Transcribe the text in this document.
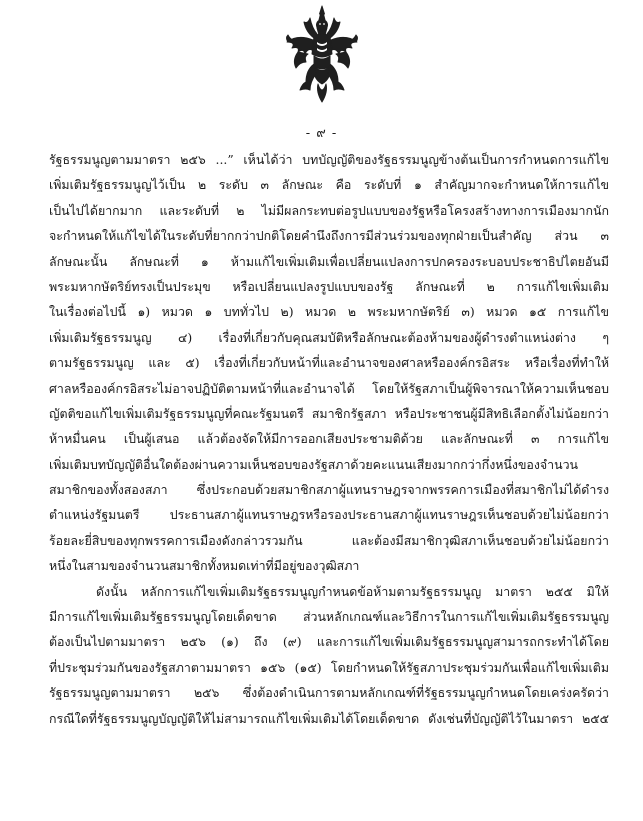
- ๙ -
รัฐธรรมนูญตามมาตรา ๒๕๖ ...” เห็นได้ว่า บทบัญญัติของรัฐธรรมนูญข้างต้นเป็นการกำหนดการแก้ไข
เพิ่มเติมรัฐธรรมนูญไว้เป็น ๒ ระดับ ๓ ลักษณะ คือ ระดับที่ ๑ สำคัญมากจะกำหนดให้การแก้ไข
เป็นไปได้ยากมาก และระดับที่ ๒ ไม่มีผลกระทบต่อรูปแบบของรัฐหรือโครงสร้างทางการเมืองมากนัก
จะกำหนดให้แก้ไขได้ในระดับที่ยากกว่าปกติโดยคำนึงถึงการมีส่วนร่วมของทุกฝ่ายเป็นสำคัญ ส่วน ๓
ลักษณะนั้น ลักษณะที่ ๑ ห้ามแก้ไขเพิ่มเติมเพื่อเปลี่ยนแปลงการปกครองระบอบประชาธิปไตยอันมี
พระมหากษัตริย์ทรงเป็นประมุข หรือเปลี่ยนแปลงรูปแบบของรัฐ ลักษณะที่ ๒ การแก้ไขเพิ่มเติม
ในเรื่องต่อไปนี้ ๑) หมวด ๑ บททั่วไป ๒) หมวด ๒ พระมหากษัตริย์ ๓) หมวด ๑๕ การแก้ไข
เพิ่มเติมรัฐธรรมนูญ ๔) เรื่องที่เกี่ยวกับคุณสมบัติหรือลักษณะต้องห้ามของผู้ดำรงตำแหน่งต่าง ๆ
ตามรัฐธรรมนูญ และ ๕) เรื่องที่เกี่ยวกับหน้าที่และอำนาจของศาลหรือองค์กรอิสระ หรือเรื่องที่ทำให้
ศาลหรือองค์กรอิสระไม่อาจปฏิบัติตามหน้าที่และอำนาจได้ โดยให้รัฐสภาเป็นผู้พิจารณาให้ความเห็นชอบ
ญัตติขอแก้ไขเพิ่มเติมรัฐธรรมนูญที่คณะรัฐมนตรี สมาชิกรัฐสภา หรือประชาชนผู้มีสิทธิเลือกตั้งไม่น้อยกว่า
ห้าหมื่นคน เป็นผู้เสนอ แล้วต้องจัดให้มีการออกเสียงประชามติด้วย และลักษณะที่ ๓ การแก้ไข
เพิ่มเติมบทบัญญัติอื่นใดต้องผ่านความเห็นชอบของรัฐสภาด้วยคะแนนเสียงมากกว่ากึ่งหนึ่งของจำนวน
สมาชิกของทั้งสองสภา ซึ่งประกอบด้วยสมาชิกสภาผู้แทนราษฎรจากพรรคการเมืองที่สมาชิกไม่ได้ดำรง
ตำแหน่งรัฐมนตรี ประธานสภาผู้แทนราษฎรหรือรองประธานสภาผู้แทนราษฎรเห็นชอบด้วยไม่น้อยกว่า
ร้อยละยี่สิบของทุกพรรคการเมืองดังกล่าวรวมกัน และต้องมีสมาชิกวุฒิสภาเห็นชอบด้วยไม่น้อยกว่า
หนึ่งในสามของจำนวนสมาชิกทั้งหมดเท่าที่มีอยู่ของวุฒิสภา
ดังนั้น หลักการแก้ไขเพิ่มเติมรัฐธรรมนูญกำหนดข้อห้ามตามรัฐธรรมนูญ มาตรา ๒๕๕ มิให้
มีการแก้ไขเพิ่มเติมรัฐธรรมนูญโดยเด็ดขาด ส่วนหลักเกณฑ์และวิธีการในการแก้ไขเพิ่มเติมรัฐธรรมนูญ
ต้องเป็นไปตามมาตรา ๒๕๖ (๑) ถึง (๙) และการแก้ไขเพิ่มเติมรัฐธรรมนูญสามารถกระทำได้โดย
ที่ประชุมร่วมกันของรัฐสภาตามมาตรา ๑๕๖ (๑๕) โดยกำหนดให้รัฐสภาประชุมร่วมกันเพื่อแก้ไขเพิ่มเติม
รัฐธรรมนูญตามมาตรา ๒๕๖ ซึ่งต้องดำเนินการตามหลักเกณฑ์ที่รัฐธรรมนูญกำหนดโดยเคร่งครัดว่า
กรณีใดที่รัฐธรรมนูญบัญญัติให้ไม่สามารถแก้ไขเพิ่มเติมได้โดยเด็ดขาด ดังเช่นที่บัญญัติไว้ในมาตรา ๒๕๕
